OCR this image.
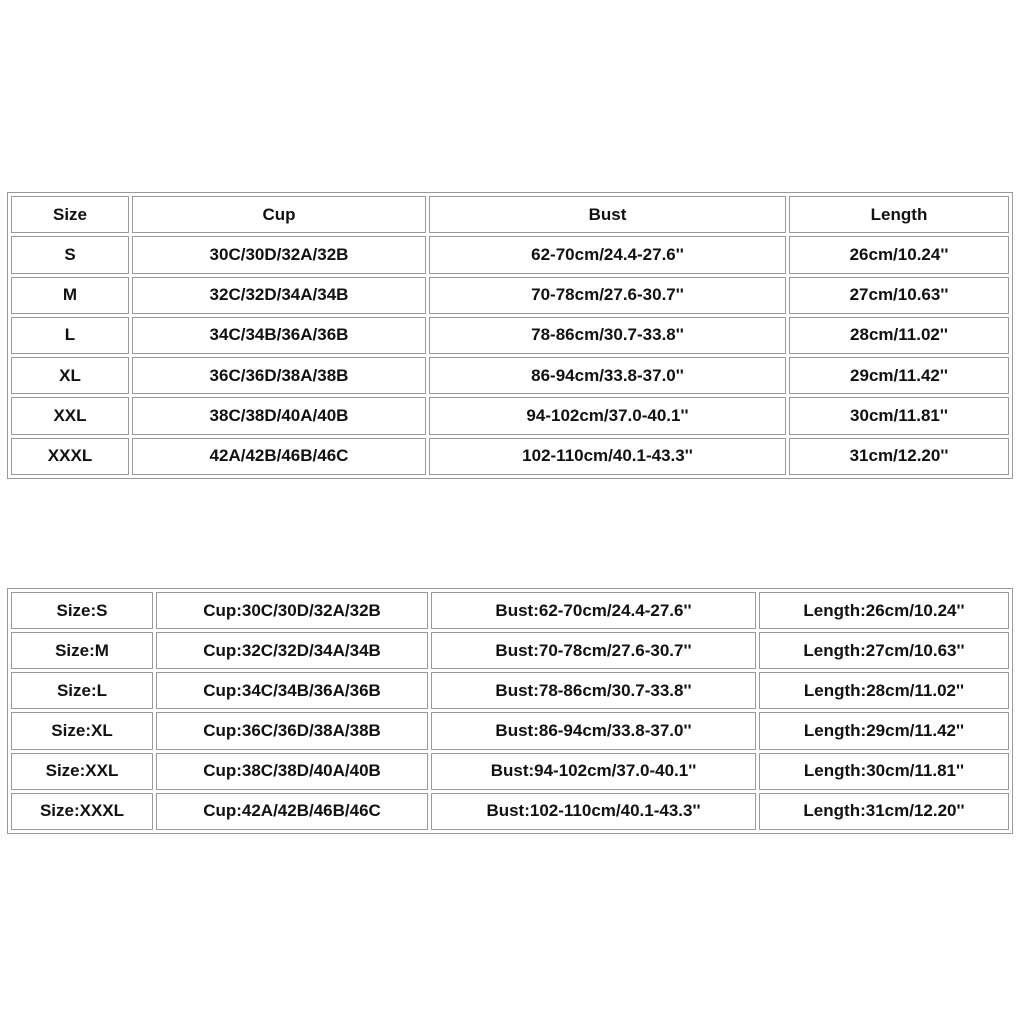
Size	Cup	Bust	Length
S	30C/30D/32A/32B	62-70cm/24.4-27.6''	26cm/10.24''
M	32C/32D/34A/34B	70-78cm/27.6-30.7''	27cm/10.63''
L	34C/34B/36A/36B	78-86cm/30.7-33.8''	28cm/11.02''
XL	36C/36D/38A/38B	86-94cm/33.8-37.0''	29cm/11.42''
XXL	38C/38D/40A/40B	94-102cm/37.0-40.1''	30cm/11.81''
XXXL	42A/42B/46B/46C	102-110cm/40.1-43.3''	31cm/12.20''
Size:S	Cup:30C/30D/32A/32B	Bust:62-70cm/24.4-27.6''	Length:26cm/10.24''
Size:M	Cup:32C/32D/34A/34B	Bust:70-78cm/27.6-30.7''	Length:27cm/10.63''
Size:L	Cup:34C/34B/36A/36B	Bust:78-86cm/30.7-33.8''	Length:28cm/11.02''
Size:XL	Cup:36C/36D/38A/38B	Bust:86-94cm/33.8-37.0''	Length:29cm/11.42''
Size:XXL	Cup:38C/38D/40A/40B	Bust:94-102cm/37.0-40.1''	Length:30cm/11.81''
Size:XXXL	Cup:42A/42B/46B/46C	Bust:102-110cm/40.1-43.3''	Length:31cm/12.20''
